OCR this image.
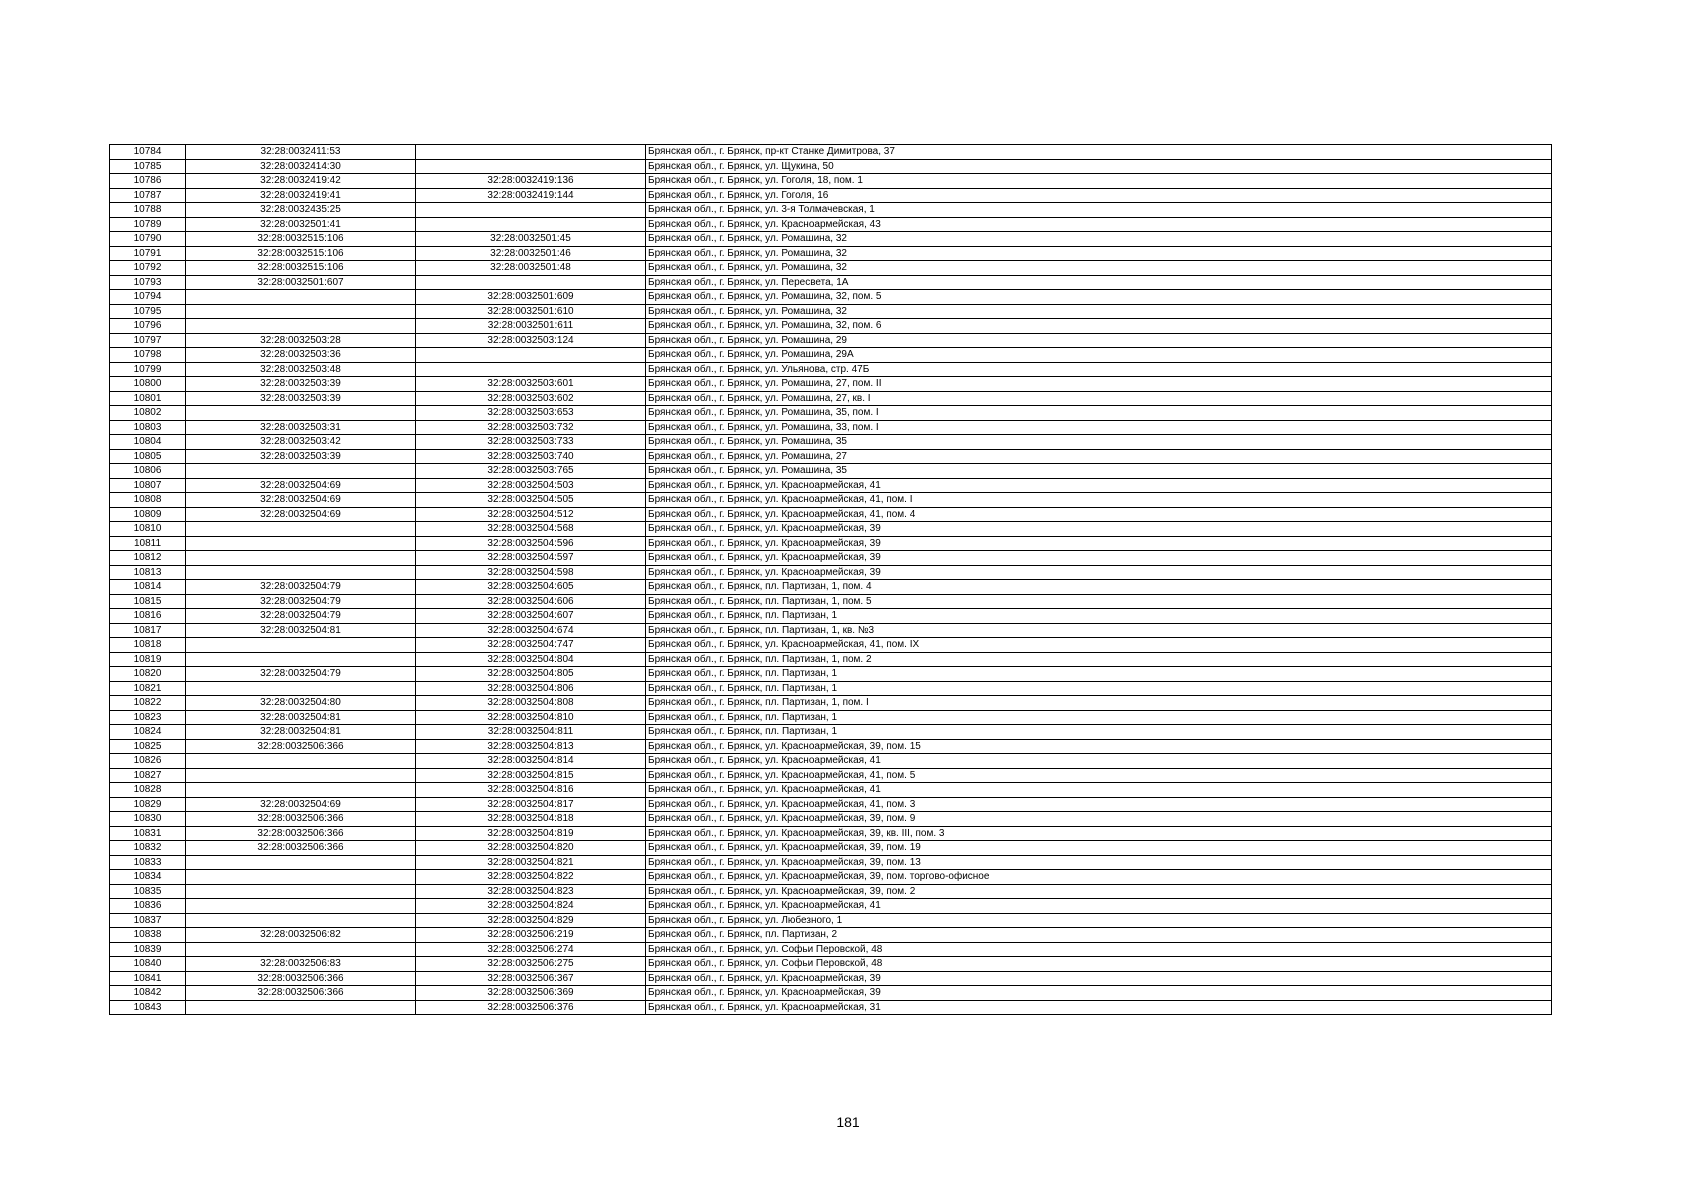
10784	32:28:0032411:53		Брянская обл., г. Брянск, пр-кт Станке Димитрова, 37
10785	32:28:0032414:30		Брянская обл., г. Брянск, ул. Щукина, 50
10786	32:28:0032419:42	32:28:0032419:136	Брянская обл., г. Брянск, ул. Гоголя, 18, пом. 1
10787	32:28:0032419:41	32:28:0032419:144	Брянская обл., г. Брянск, ул. Гоголя, 16
10788	32:28:0032435:25		Брянская обл., г. Брянск, ул. 3-я Толмачевская, 1
10789	32:28:0032501:41		Брянская обл., г. Брянск, ул. Красноармейская, 43
10790	32:28:0032515:106	32:28:0032501:45	Брянская обл., г. Брянск, ул. Ромашина, 32
10791	32:28:0032515:106	32:28:0032501:46	Брянская обл., г. Брянск, ул. Ромашина, 32
10792	32:28:0032515:106	32:28:0032501:48	Брянская обл., г. Брянск, ул. Ромашина, 32
10793	32:28:0032501:607		Брянская обл., г. Брянск, ул. Пересвета, 1А
10794		32:28:0032501:609	Брянская обл., г. Брянск, ул. Ромашина, 32, пом. 5
10795		32:28:0032501:610	Брянская обл., г. Брянск, ул. Ромашина, 32
10796		32:28:0032501:611	Брянская обл., г. Брянск, ул. Ромашина, 32, пом. 6
10797	32:28:0032503:28	32:28:0032503:124	Брянская обл., г. Брянск, ул. Ромашина, 29
10798	32:28:0032503:36		Брянская обл., г. Брянск, ул. Ромашина, 29А
10799	32:28:0032503:48		Брянская обл., г. Брянск, ул. Ульянова, стр. 47Б
10800	32:28:0032503:39	32:28:0032503:601	Брянская обл., г. Брянск, ул. Ромашина, 27, пом. II
10801	32:28:0032503:39	32:28:0032503:602	Брянская обл., г. Брянск, ул. Ромашина, 27, кв. I
10802		32:28:0032503:653	Брянская обл., г. Брянск, ул. Ромашина, 35, пом. I
10803	32:28:0032503:31	32:28:0032503:732	Брянская обл., г. Брянск, ул. Ромашина, 33, пом. I
10804	32:28:0032503:42	32:28:0032503:733	Брянская обл., г. Брянск, ул. Ромашина, 35
10805	32:28:0032503:39	32:28:0032503:740	Брянская обл., г. Брянск, ул. Ромашина, 27
10806		32:28:0032503:765	Брянская обл., г. Брянск, ул. Ромашина, 35
10807	32:28:0032504:69	32:28:0032504:503	Брянская обл., г. Брянск, ул. Красноармейская, 41
10808	32:28:0032504:69	32:28:0032504:505	Брянская обл., г. Брянск, ул. Красноармейская, 41, пом. I
10809	32:28:0032504:69	32:28:0032504:512	Брянская обл., г. Брянск, ул. Красноармейская, 41, пом. 4
10810		32:28:0032504:568	Брянская обл., г. Брянск, ул. Красноармейская, 39
10811		32:28:0032504:596	Брянская обл., г. Брянск, ул. Красноармейская, 39
10812		32:28:0032504:597	Брянская обл., г. Брянск, ул. Красноармейская, 39
10813		32:28:0032504:598	Брянская обл., г. Брянск, ул. Красноармейская, 39
10814	32:28:0032504:79	32:28:0032504:605	Брянская обл., г. Брянск, пл. Партизан, 1, пом. 4
10815	32:28:0032504:79	32:28:0032504:606	Брянская обл., г. Брянск, пл. Партизан, 1, пом. 5
10816	32:28:0032504:79	32:28:0032504:607	Брянская обл., г. Брянск, пл. Партизан, 1
10817	32:28:0032504:81	32:28:0032504:674	Брянская обл., г. Брянск, пл. Партизан, 1, кв. №3
10818		32:28:0032504:747	Брянская обл., г. Брянск, ул. Красноармейская, 41, пом. IX
10819		32:28:0032504:804	Брянская обл., г. Брянск, пл. Партизан, 1, пом. 2
10820	32:28:0032504:79	32:28:0032504:805	Брянская обл., г. Брянск, пл. Партизан, 1
10821		32:28:0032504:806	Брянская обл., г. Брянск, пл. Партизан, 1
10822	32:28:0032504:80	32:28:0032504:808	Брянская обл., г. Брянск, пл. Партизан, 1, пом. I
10823	32:28:0032504:81	32:28:0032504:810	Брянская обл., г. Брянск, пл. Партизан, 1
10824	32:28:0032504:81	32:28:0032504:811	Брянская обл., г. Брянск, пл. Партизан, 1
10825	32:28:0032506:366	32:28:0032504:813	Брянская обл., г. Брянск, ул. Красноармейская, 39, пом. 15
10826		32:28:0032504:814	Брянская обл., г. Брянск, ул. Красноармейская, 41
10827		32:28:0032504:815	Брянская обл., г. Брянск, ул. Красноармейская, 41, пом. 5
10828		32:28:0032504:816	Брянская обл., г. Брянск, ул. Красноармейская, 41
10829	32:28:0032504:69	32:28:0032504:817	Брянская обл., г. Брянск, ул. Красноармейская, 41, пом. 3
10830	32:28:0032506:366	32:28:0032504:818	Брянская обл., г. Брянск, ул. Красноармейская, 39, пом. 9
10831	32:28:0032506:366	32:28:0032504:819	Брянская обл., г. Брянск, ул. Красноармейская, 39, кв. III, пом. 3
10832	32:28:0032506:366	32:28:0032504:820	Брянская обл., г. Брянск, ул. Красноармейская, 39, пом. 19
10833		32:28:0032504:821	Брянская обл., г. Брянск, ул. Красноармейская, 39, пом. 13
10834		32:28:0032504:822	Брянская обл., г. Брянск, ул. Красноармейская, 39, пом. торгово-офисное
10835		32:28:0032504:823	Брянская обл., г. Брянск, ул. Красноармейская, 39, пом. 2
10836		32:28:0032504:824	Брянская обл., г. Брянск, ул. Красноармейская, 41
10837		32:28:0032504:829	Брянская обл., г. Брянск, ул. Любезного, 1
10838	32:28:0032506:82	32:28:0032506:219	Брянская обл., г. Брянск, пл. Партизан, 2
10839		32:28:0032506:274	Брянская обл., г. Брянск, ул. Софьи Перовской, 48
10840	32:28:0032506:83	32:28:0032506:275	Брянская обл., г. Брянск, ул. Софьи Перовской, 48
10841	32:28:0032506:366	32:28:0032506:367	Брянская обл., г. Брянск, ул. Красноармейская, 39
10842	32:28:0032506:366	32:28:0032506:369	Брянская обл., г. Брянск, ул. Красноармейская, 39
10843		32:28:0032506:376	Брянская обл., г. Брянск, ул. Красноармейская, 31
181
